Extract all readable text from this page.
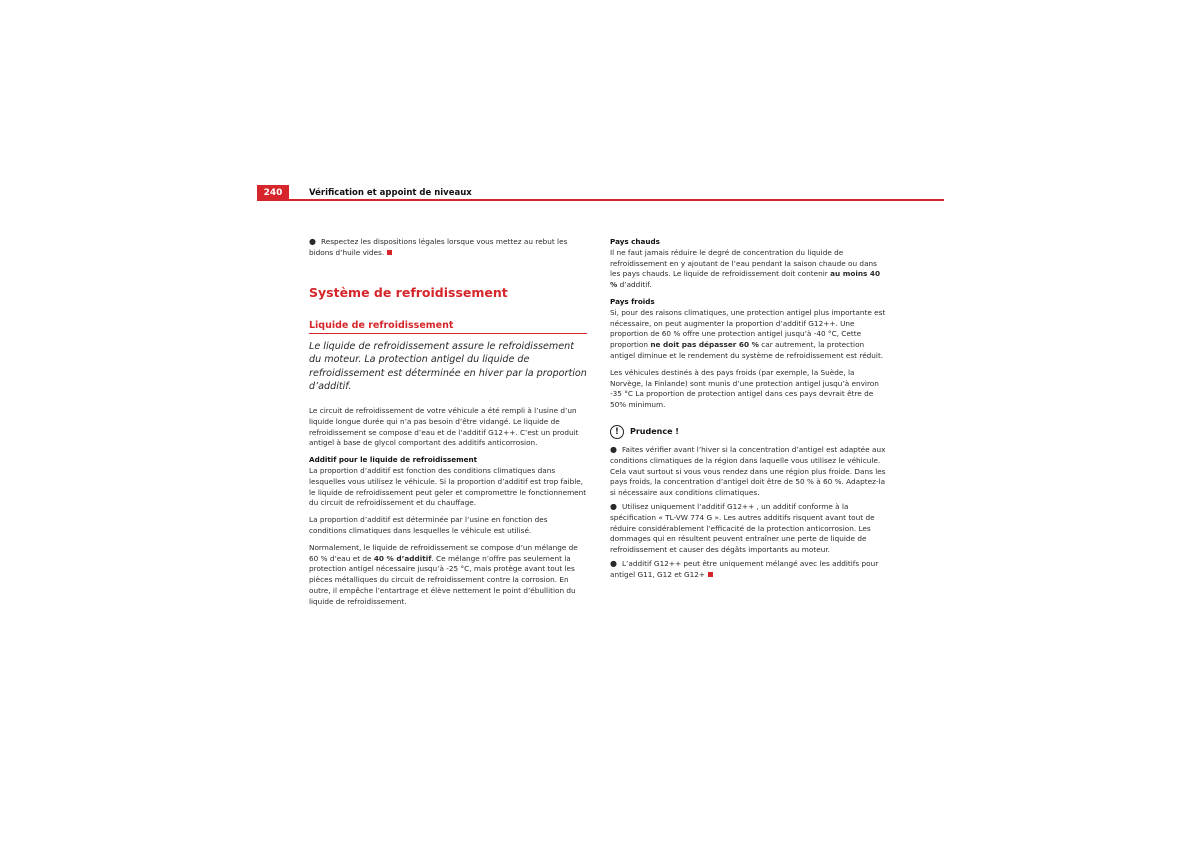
240	Vérification et appoint de niveaux

● Respectez les dispositions légales lorsque vous mettez au rebut les bidons d’huile vides.

Système de refroidissement
Liquide de refroidissement
Le liquide de refroidissement assure le refroidissement du moteur. La protection antigel du liquide de refroidissement est déterminée en hiver par la proportion d’additif.

Le circuit de refroidissement de votre véhicule a été rempli à l’usine d’un liquide longue durée qui n’a pas besoin d’être vidangé. Le liquide de refroidissement se compose d’eau et de l’additif G12++. C’est un produit antigel à base de glycol comportant des additifs anticorrosion.

Additif pour le liquide de refroidissement

La proportion d’additif est fonction des conditions climatiques dans lesquelles vous utilisez le véhicule. Si la proportion d’additif est trop faible, le liquide de refroidissement peut geler et compromettre le fonctionnement du circuit de refroidissement et du chauffage.

La proportion d’additif est déterminée par l’usine en fonction des conditions climatiques dans lesquelles le véhicule est utilisé.

Normalement, le liquide de refroidissement se compose d’un mélange de 60 % d’eau et de 40 % d’additif. Ce mélange n’offre pas seulement la protection antigel nécessaire jusqu’à -25 °C, mais protège avant tout les pièces métalliques du circuit de refroidissement contre la corrosion. En outre, il empêche l’entartrage et élève nettement le point d’ébullition du liquide de refroidissement.

Pays chauds

Il ne faut jamais réduire le degré de concentration du liquide de refroidissement en y ajoutant de l’eau pendant la saison chaude ou dans les pays chauds. Le liquide de refroidissement doit contenir au moins 40 % d’additif.

Pays froids

Si, pour des raisons climatiques, une protection antigel plus importante est nécessaire, on peut augmenter la proportion d’additif G12++. Une proportion de 60 % offre une protection antigel jusqu’à -40 °C, Cette proportion ne doit pas dépasser 60 % car autrement, la protection antigel diminue et le rendement du système de refroidissement est réduit.

Les véhicules destinés à des pays froids (par exemple, la Suède, la Norvège, la Finlande) sont munis d’une protection antigel jusqu’à environ -35 °C La proportion de protection antigel dans ces pays devrait être de 50% minimum.

!	Prudence !

● Faites vérifier avant l’hiver si la concentration d’antigel est adaptée aux conditions climatiques de la région dans laquelle vous utilisez le véhicule. Cela vaut surtout si vous vous rendez dans une région plus froide. Dans les pays froids, la concentration d’antigel doit être de 50 % à 60 %. Adaptez-la si nécessaire aux conditions climatiques.

● Utilisez uniquement l’additif G12++ , un additif conforme à la spécification « TL-VW 774 G ». Les autres additifs risquent avant tout de réduire considérablement l’efficacité de la protection anticorrosion. Les dommages qui en résultent peuvent entraîner une perte de liquide de refroidissement et causer des dégâts importants au moteur.

● L’additif G12++ peut être uniquement mélangé avec les additifs pour antigel G11, G12 et G12+
